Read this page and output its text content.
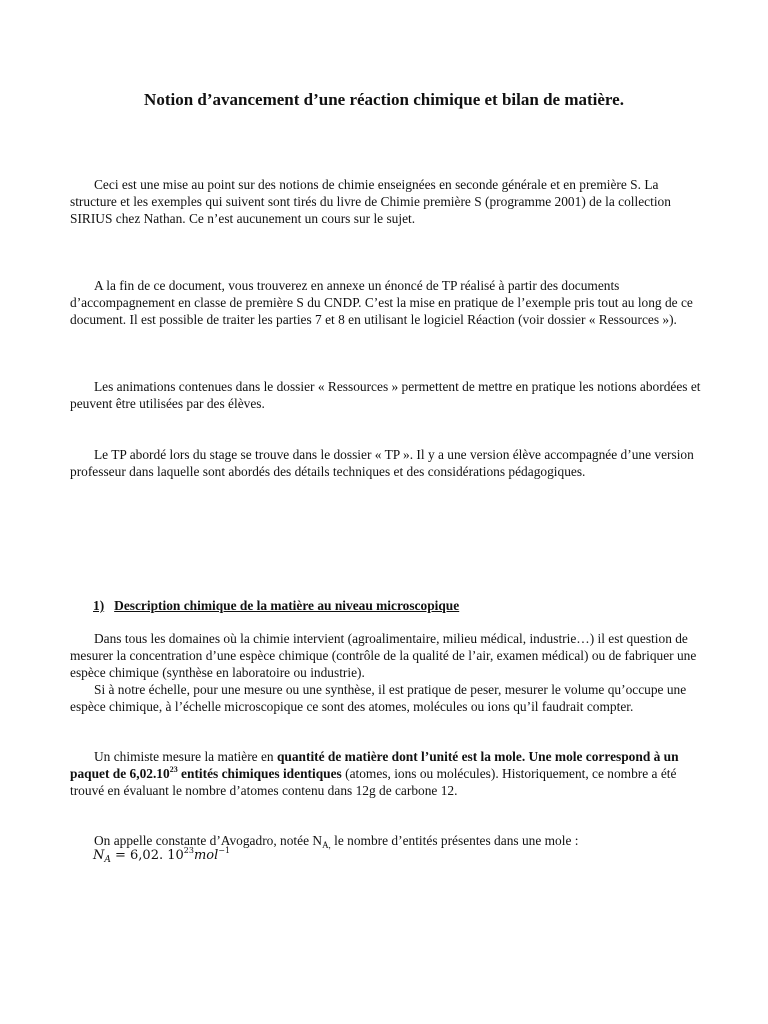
Notion d’avancement d’une réaction chimique et bilan de matière.

Ceci est une mise au point sur des notions de chimie enseignées en seconde générale et en première S. La structure et les exemples qui suivent sont tirés du livre de Chimie première S (programme 2001) de la collection SIRIUS chez Nathan. Ce n’est aucunement un cours sur le sujet.

A la fin de ce document, vous trouverez en annexe un énoncé de TP réalisé à partir des documents d’accompagnement en classe de première S du CNDP. C’est la mise en pratique de l’exemple pris tout au long de ce document. Il est possible de traiter les parties 7 et 8 en utilisant le logiciel Réaction (voir dossier « Ressources »).

Les animations contenues dans le dossier « Ressources » permettent de mettre en pratique les notions abordées et peuvent être utilisées par des élèves.

Le TP abordé lors du stage se trouve dans le dossier « TP ». Il y a une version élève accompagnée d’une version professeur dans laquelle sont abordés des détails techniques et des considérations pédagogiques.

1) Description chimique de la matière au niveau microscopique

Dans tous les domaines où la chimie intervient (agroalimentaire, milieu médical, industrie…) il est question de mesurer la concentration d’une espèce chimique (contrôle de la qualité de l’air, examen médical) ou de fabriquer une espèce chimique (synthèse en laboratoire ou industrie).

Si à notre échelle, pour une mesure ou une synthèse, il est pratique de peser, mesurer le volume qu’occupe une espèce chimique, à l’échelle microscopique ce sont des atomes, molécules ou ions qu’il faudrait compter.

Un chimiste mesure la matière en quantité de matière dont l’unité est la mole. Une mole correspond à un paquet de 6,02.10$^{23}$ entités chimiques identiques (atomes, ions ou molécules). Historiquement, ce nombre a été trouvé en évaluant le nombre d’atomes contenu dans 12g de carbone 12.

On appelle constante d’Avogadro, notée $N_{A,}$ le nombre d’entités présentes dans une mole :

$N_A = 6,02$. $10^{23}mol^{-1}$
